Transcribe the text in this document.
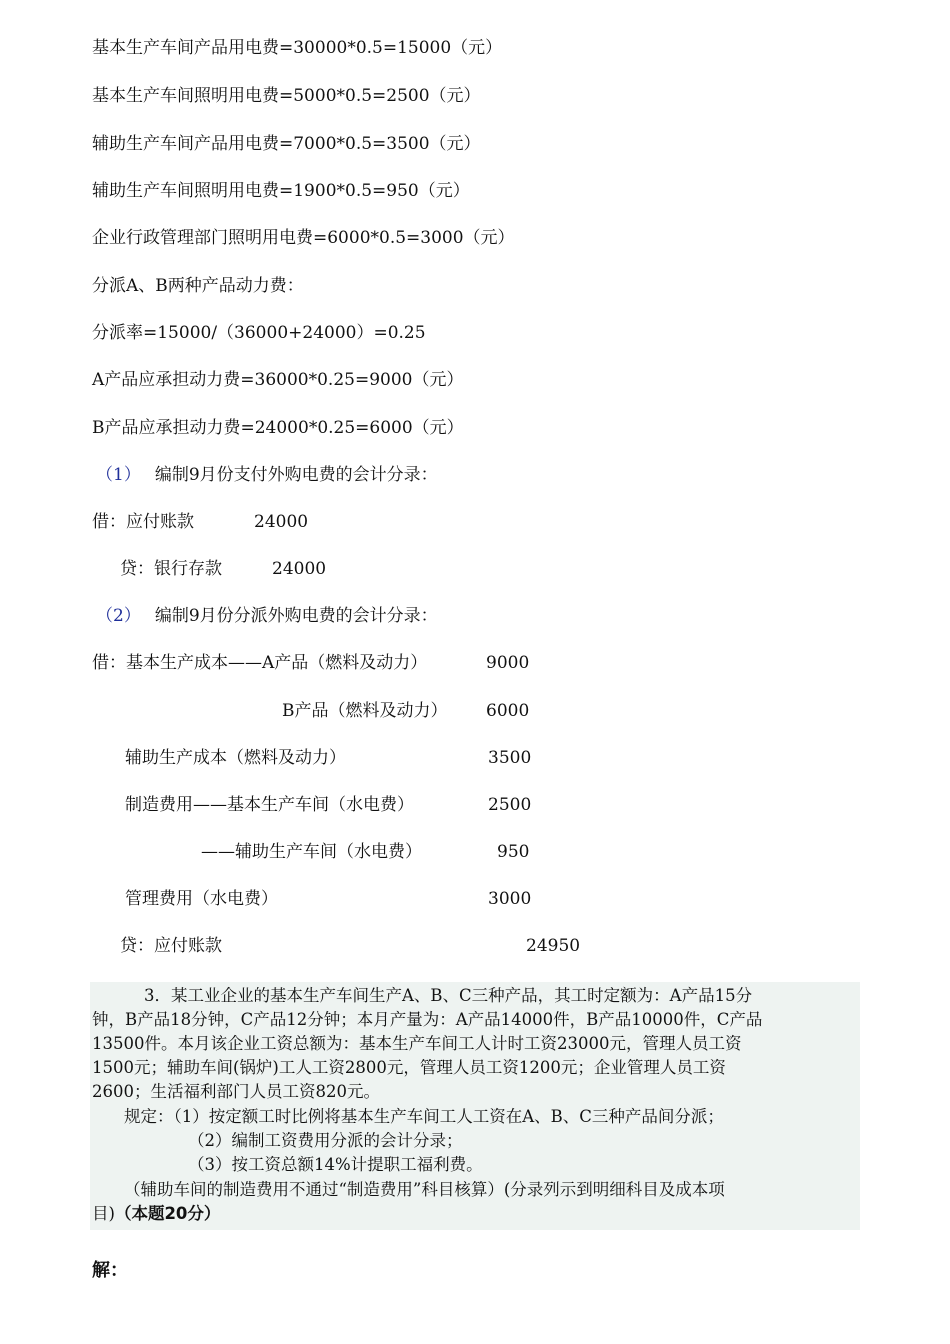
基本生产车间产品用电费=30000*0.5=15000（元）
基本生产车间照明用电费=5000*0.5=2500（元）
辅助生产车间产品用电费=7000*0.5=3500（元）
辅助生产车间照明用电费=1900*0.5=950（元）
企业行政管理部门照明用电费=6000*0.5=3000（元）
分派A、B两种产品动力费：
分派率=15000/（36000+24000）=0.25
A产品应承担动力费=36000*0.25=9000（元）
B产品应承担动力费=24000*0.25=6000（元）
（1） 编制9月份支付外购电费的会计分录：
借：应付账款	24000
贷：银行存款	24000
（2） 编制9月份分派外购电费的会计分录：
借：基本生产成本——A产品（燃料及动力）	9000
B产品（燃料及动力） 6000
辅助生产成本（燃料及动力）	3500
制造费用——基本生产车间（水电费）	2500
——辅助生产车间（水电费）	950
管理费用（水电费）	3000
贷：应付账款	24950
3．某工业企业的基本生产车间生产A、B、C三种产品，其工时定额为：A产品15分
钟，B产品18分钟，C产品12分钟；本月产量为：A产品14000件，B产品10000件，C产品
13500件。本月该企业工资总额为：基本生产车间工人计时工资23000元，管理人员工资
1500元；辅助车间(锅炉)工人工资2800元，管理人员工资1200元；企业管理人员工资
2600；生活福利部门人员工资820元。
规定：（1）按定额工时比例将基本生产车间工人工资在A、B、C三种产品间分派；
（2）编制工资费用分派的会计分录；
（3）按工资总额14%计提职工福利费。
（辅助车间的制造费用不通过“制造费用”科目核算）(分录列示到明细科目及成本项
目)（本题20分）
解：
